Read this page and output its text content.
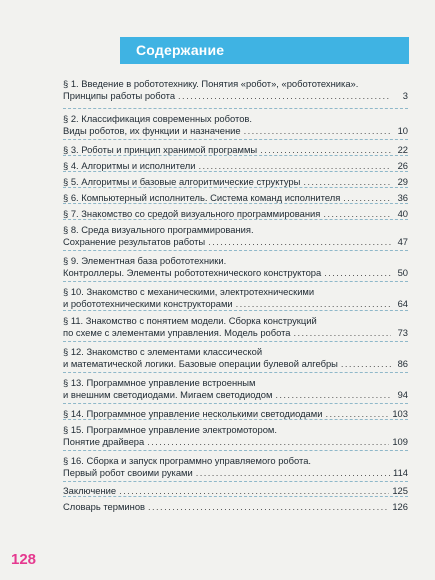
Содержание
§ 1. Введение в робототехнику. Понятия «робот», «робототехника».
Принципы работы робота . . .	3
§ 2. Классификация современных роботов.
Виды роботов, их функции и назначение . . .	10
§ 3. Роботы и принцип хранимой программы . . .	22
§ 4. Алгоритмы и исполнители . . .	26
§ 5. Алгоритмы и базовые алгоритмические структуры . . .	29
§ 6. Компьютерный исполнитель. Система команд исполнителя . . .	36
§ 7. Знакомство со средой визуального программирования . . .	40
§ 8. Среда визуального программирования.
Сохранение результатов работы . . .	47
§ 9. Элементная база робототехники.
Контроллеры. Элементы робототехнического конструктора . . .	50
§ 10. Знакомство с механическими, электротехническими
и робототехническими конструкторами . . .	64
§ 11. Знакомство с понятием модели. Сборка конструкций
по схеме с элементами управления. Модель робота . . .	73
§ 12. Знакомство с элементами классической
и математической логики. Базовые операции булевой алгебры . . .	86
§ 13. Программное управление встроенным
и внешним светодиодами. Мигаем светодиодом . . .	94
§ 14. Программное управление несколькими светодиодами . . .	103
§ 15. Программное управление электромотором.
Понятие драйвера . . .	109
§ 16. Сборка и запуск программно управляемого робота.
Первый робот своими руками . . .	114
Заключение . . .	125
Словарь терминов . . .	126
128
